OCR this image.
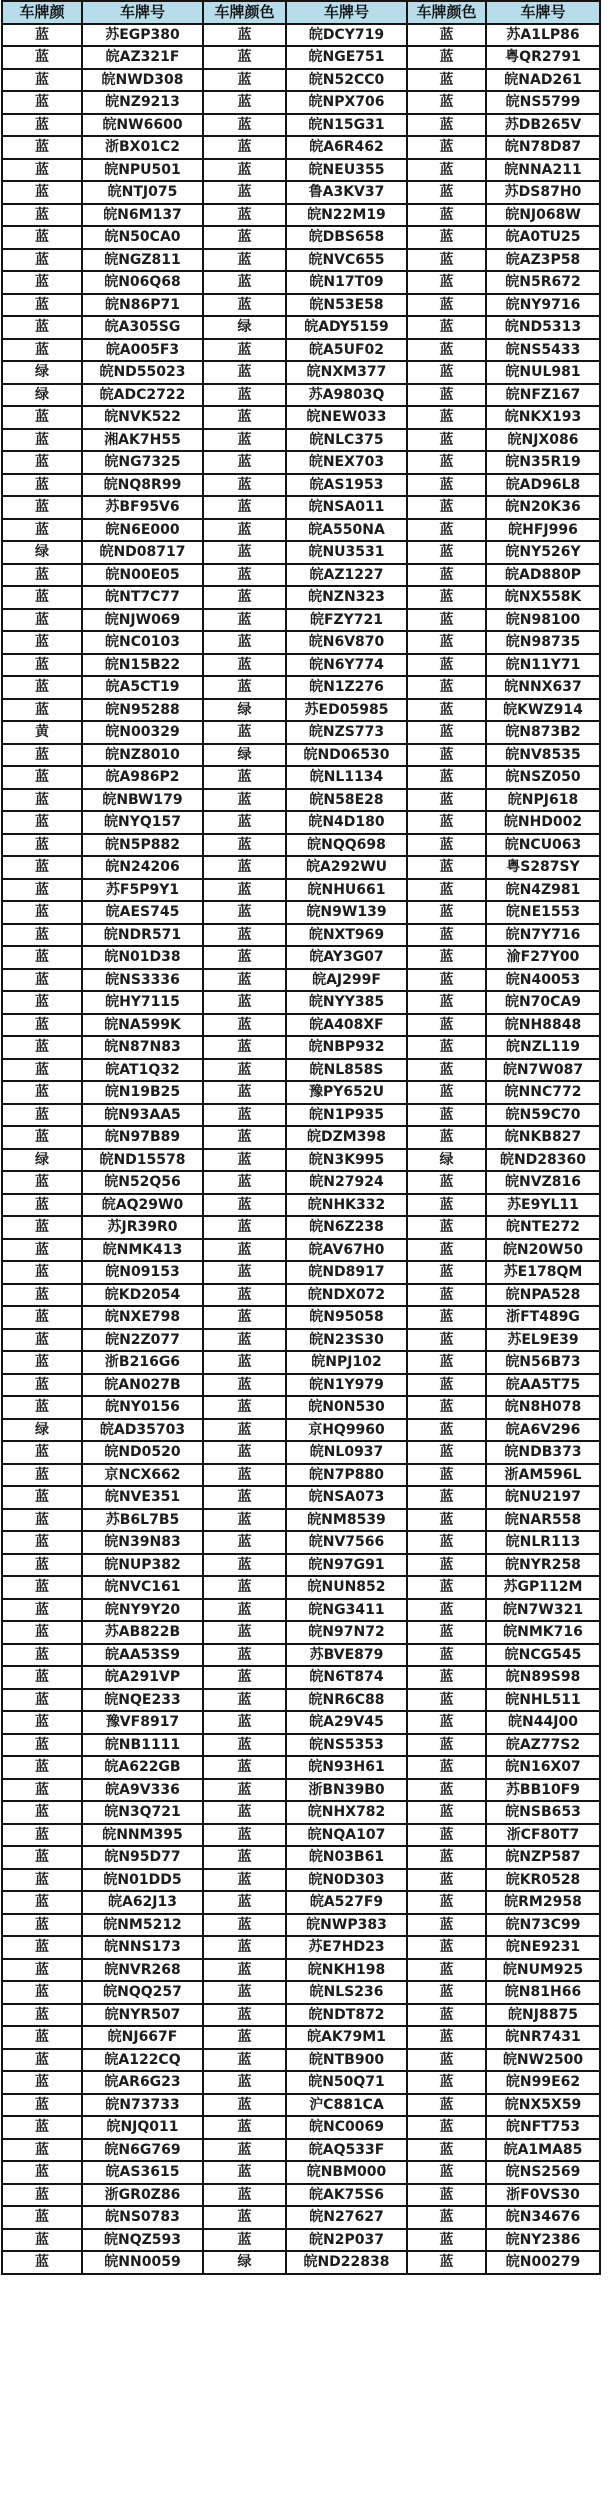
车牌颜	车牌号	车牌颜色	车牌号	车牌颜色	车牌号
蓝	苏EGP380	蓝	皖DCY719	蓝	苏A1LP86
蓝	皖AZ321F	蓝	皖NGE751	蓝	粤QR2791
蓝	皖NWD308	蓝	皖N52CC0	蓝	皖NAD261
蓝	皖NZ9213	蓝	皖NPX706	蓝	皖NS5799
蓝	皖NW6600	蓝	皖N15G31	蓝	苏DB265V
蓝	浙BX01C2	蓝	皖A6R462	蓝	皖N78D87
蓝	皖NPU501	蓝	皖NEU355	蓝	皖NNA211
蓝	皖NTJ075	蓝	鲁A3KV37	蓝	苏DS87H0
蓝	皖N6M137	蓝	皖N22M19	蓝	皖NJ068W
蓝	皖N50CA0	蓝	皖DBS658	蓝	皖A0TU25
蓝	皖NGZ811	蓝	皖NVC655	蓝	皖AZ3P58
蓝	皖N06Q68	蓝	皖N17T09	蓝	皖N5R672
蓝	皖N86P71	蓝	皖N53E58	蓝	皖NY9716
蓝	皖A305SG	绿	皖ADY5159	蓝	皖ND5313
蓝	皖A005F3	蓝	皖A5UF02	蓝	皖NS5433
绿	皖ND55023	蓝	皖NXM377	蓝	皖NUL981
绿	皖ADC2722	蓝	苏A9803Q	蓝	皖NFZ167
蓝	皖NVK522	蓝	皖NEW033	蓝	皖NKX193
蓝	湘AK7H55	蓝	皖NLC375	蓝	皖NJX086
蓝	皖NG7325	蓝	皖NEX703	蓝	皖N35R19
蓝	皖NQ8R99	蓝	皖AS1953	蓝	皖AD96L8
蓝	苏BF95V6	蓝	皖NSA011	蓝	皖N20K36
蓝	皖N6E000	蓝	皖A550NA	蓝	皖HFJ996
绿	皖ND08717	蓝	皖NU3531	蓝	皖NY526Y
蓝	皖N00E05	蓝	皖AZ1227	蓝	皖AD880P
蓝	皖NT7C77	蓝	皖NZN323	蓝	皖NX558K
蓝	皖NJW069	蓝	皖FZY721	蓝	皖N98100
蓝	皖NC0103	蓝	皖N6V870	蓝	皖N98735
蓝	皖N15B22	蓝	皖N6Y774	蓝	皖N11Y71
蓝	皖A5CT19	蓝	皖N1Z276	蓝	皖NNX637
蓝	皖N95288	绿	苏ED05985	蓝	皖KWZ914
黄	皖N00329	蓝	皖NZS773	蓝	皖N873B2
蓝	皖NZ8010	绿	皖ND06530	蓝	皖NV8535
蓝	皖A986P2	蓝	皖NL1134	蓝	皖NSZ050
蓝	皖NBW179	蓝	皖N58E28	蓝	皖NPJ618
蓝	皖NYQ157	蓝	皖N4D180	蓝	皖NHD002
蓝	皖N5P882	蓝	皖NQQ698	蓝	皖NCU063
蓝	皖N24206	蓝	皖A292WU	蓝	粤S287SY
蓝	苏F5P9Y1	蓝	皖NHU661	蓝	皖N4Z981
蓝	皖AES745	蓝	皖N9W139	蓝	皖NE1553
蓝	皖NDR571	蓝	皖NXT969	蓝	皖N7Y716
蓝	皖N01D38	蓝	皖AY3G07	蓝	渝F27Y00
蓝	皖NS3336	蓝	皖AJ299F	蓝	皖N40053
蓝	皖HY7115	蓝	皖NYY385	蓝	皖N70CA9
蓝	皖NA599K	蓝	皖A408XF	蓝	皖NH8848
蓝	皖N87N83	蓝	皖NBP932	蓝	皖NZL119
蓝	皖AT1Q32	蓝	皖NL858S	蓝	皖N7W087
蓝	皖N19B25	蓝	豫PY652U	蓝	皖NNC772
蓝	皖N93AA5	蓝	皖N1P935	蓝	皖N59C70
蓝	皖N97B89	蓝	皖DZM398	蓝	皖NKB827
绿	皖ND15578	蓝	皖N3K995	绿	皖ND28360
蓝	皖N52Q56	蓝	皖N27924	蓝	皖NVZ816
蓝	皖AQ29W0	蓝	皖NHK332	蓝	苏E9YL11
蓝	苏JR39R0	蓝	皖N6Z238	蓝	皖NTE272
蓝	皖NMK413	蓝	皖AV67H0	蓝	皖N20W50
蓝	皖N09153	蓝	皖ND8917	蓝	苏E178QM
蓝	皖KD2054	蓝	皖NDX072	蓝	皖NPA528
蓝	皖NXE798	蓝	皖N95058	蓝	浙FT489G
蓝	皖N2Z077	蓝	皖N23S30	蓝	苏EL9E39
蓝	浙B216G6	蓝	皖NPJ102	蓝	皖N56B73
蓝	皖AN027B	蓝	皖N1Y979	蓝	皖AA5T75
蓝	皖NY0156	蓝	皖N0N530	蓝	皖N8H078
绿	皖AD35703	蓝	京HQ9960	蓝	皖A6V296
蓝	皖ND0520	蓝	皖NL0937	蓝	皖NDB373
蓝	京NCX662	蓝	皖N7P880	蓝	浙AM596L
蓝	皖NVE351	蓝	皖NSA073	蓝	皖NU2197
蓝	苏B6L7B5	蓝	皖NM8539	蓝	皖NAR558
蓝	皖N39N83	蓝	皖NV7566	蓝	皖NLR113
蓝	皖NUP382	蓝	皖N97G91	蓝	皖NYR258
蓝	皖NVC161	蓝	皖NUN852	蓝	苏GP112M
蓝	皖NY9Y20	蓝	皖NG3411	蓝	皖N7W321
蓝	苏AB822B	蓝	皖N97N72	蓝	皖NMK716
蓝	皖AA53S9	蓝	苏BVE879	蓝	皖NCG545
蓝	皖A291VP	蓝	皖N6T874	蓝	皖N89S98
蓝	皖NQE233	蓝	皖NR6C88	蓝	皖NHL511
蓝	豫VF8917	蓝	皖A29V45	蓝	皖N44J00
蓝	皖NB1111	蓝	皖NS5353	蓝	皖AZ77S2
蓝	皖A622GB	蓝	皖N93H61	蓝	皖N16X07
蓝	皖A9V336	蓝	浙BN39B0	蓝	苏BB10F9
蓝	皖N3Q721	蓝	皖NHX782	蓝	皖NSB653
蓝	皖NNM395	蓝	皖NQA107	蓝	浙CF80T7
蓝	皖N95D77	蓝	皖N03B61	蓝	皖NZP587
蓝	皖N01DD5	蓝	皖N0D303	蓝	皖KR0528
蓝	皖A62J13	蓝	皖A527F9	蓝	皖RM2958
蓝	皖NM5212	蓝	皖NWP383	蓝	皖N73C99
蓝	皖NNS173	蓝	苏E7HD23	蓝	皖NE9231
蓝	皖NVR268	蓝	皖NKH198	蓝	皖NUM925
蓝	皖NQQ257	蓝	皖NLS236	蓝	皖N81H66
蓝	皖NYR507	蓝	皖NDT872	蓝	皖NJ8875
蓝	皖NJ667F	蓝	皖AK79M1	蓝	皖NR7431
蓝	皖A122CQ	蓝	皖NTB900	蓝	皖NW2500
蓝	皖AR6G23	蓝	皖N50Q71	蓝	皖N99E62
蓝	皖N73733	蓝	沪C881CA	蓝	皖NX5X59
蓝	皖NJQ011	蓝	皖NC0069	蓝	皖NFT753
蓝	皖N6G769	蓝	皖AQ533F	蓝	皖A1MA85
蓝	皖AS3615	蓝	皖NBM000	蓝	皖NS2569
蓝	浙GR0Z86	蓝	皖AK75S6	蓝	浙F0VS30
蓝	皖NS0783	蓝	皖N27627	蓝	皖N34676
蓝	皖NQZ593	蓝	皖N2P037	蓝	皖NY2386
蓝	皖NN0059	绿	皖ND22838	蓝	皖N00279
